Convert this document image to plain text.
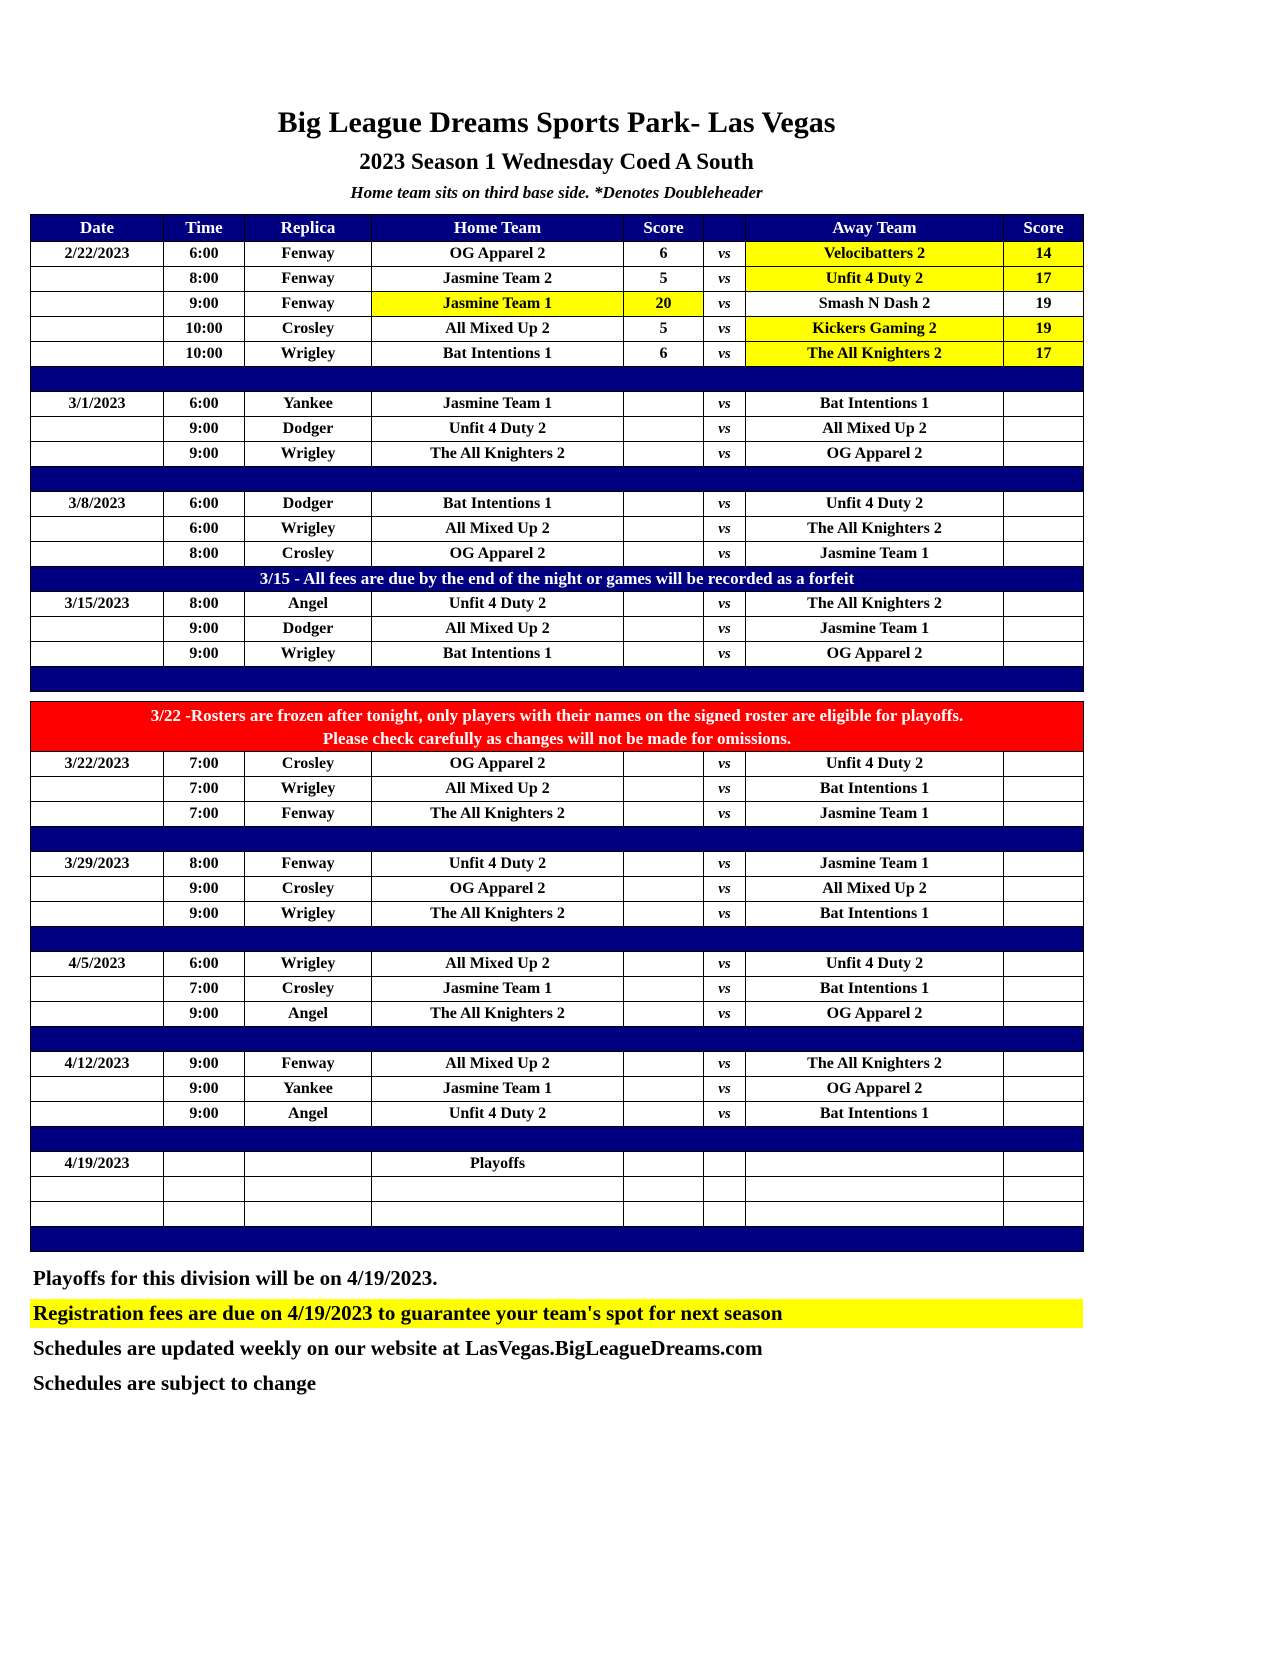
Big League Dreams Sports Park- Las Vegas
2023 Season 1 Wednesday Coed A South
Home team sits on third base side. *Denotes Doubleheader
Date	Time	Replica	Home Team	Score		Away Team	Score
2/22/2023	6:00	Fenway	OG Apparel 2	6	vs	Velocibatters 2	14
	8:00	Fenway	Jasmine Team 2	5	vs	Unfit 4 Duty 2	17
	9:00	Fenway	Jasmine Team 1	20	vs	Smash N Dash 2	19
	10:00	Crosley	All Mixed Up 2	5	vs	Kickers Gaming 2	19
	10:00	Wrigley	Bat Intentions 1	6	vs	The All Knighters 2	17

3/1/2023	6:00	Yankee	Jasmine Team 1		vs	Bat Intentions 1	
	9:00	Dodger	Unfit 4 Duty 2		vs	All Mixed Up 2	
	9:00	Wrigley	The All Knighters 2		vs	OG Apparel 2	

3/8/2023	6:00	Dodger	Bat Intentions 1		vs	Unfit 4 Duty 2	
	6:00	Wrigley	All Mixed Up 2		vs	The All Knighters 2	
	8:00	Crosley	OG Apparel 2		vs	Jasmine Team 1	
3/15 - All fees are due by the end of the night or games will be recorded as a forfeit							
3/15/2023	8:00	Angel	Unfit 4 Duty 2		vs	The All Knighters 2	
	9:00	Dodger	All Mixed Up 2		vs	Jasmine Team 1	
	9:00	Wrigley	Bat Intentions 1		vs	OG Apparel 2	

3/22 -Rosters are frozen after tonight, only players with their names on the signed roster are eligible for playoffs.
Please check carefully as changes will not be made for omissions.							

3/22/2023	7:00	Crosley	OG Apparel 2		vs	Unfit 4 Duty 2	
	7:00	Wrigley	All Mixed Up 2		vs	Bat Intentions 1	
	7:00	Fenway	The All Knighters 2		vs	Jasmine Team 1	

3/29/2023	8:00	Fenway	Unfit 4 Duty 2		vs	Jasmine Team 1	
	9:00	Crosley	OG Apparel 2		vs	All Mixed Up 2	
	9:00	Wrigley	The All Knighters 2		vs	Bat Intentions 1	

4/5/2023	6:00	Wrigley	All Mixed Up 2		vs	Unfit 4 Duty 2	
	7:00	Crosley	Jasmine Team 1		vs	Bat Intentions 1	
	9:00	Angel	The All Knighters 2		vs	OG Apparel 2	

4/12/2023	9:00	Fenway	All Mixed Up 2		vs	The All Knighters 2	
	9:00	Yankee	Jasmine Team 1		vs	OG Apparel 2	
	9:00	Angel	Unfit 4 Duty 2		vs	Bat Intentions 1	

4/19/2023			Playoffs				

Playoffs for this division will be on 4/19/2023.
Registration fees are due on 4/19/2023 to guarantee your team's spot for next season
Schedules are updated weekly on our website at LasVegas.BigLeagueDreams.com
Schedules are subject to change
